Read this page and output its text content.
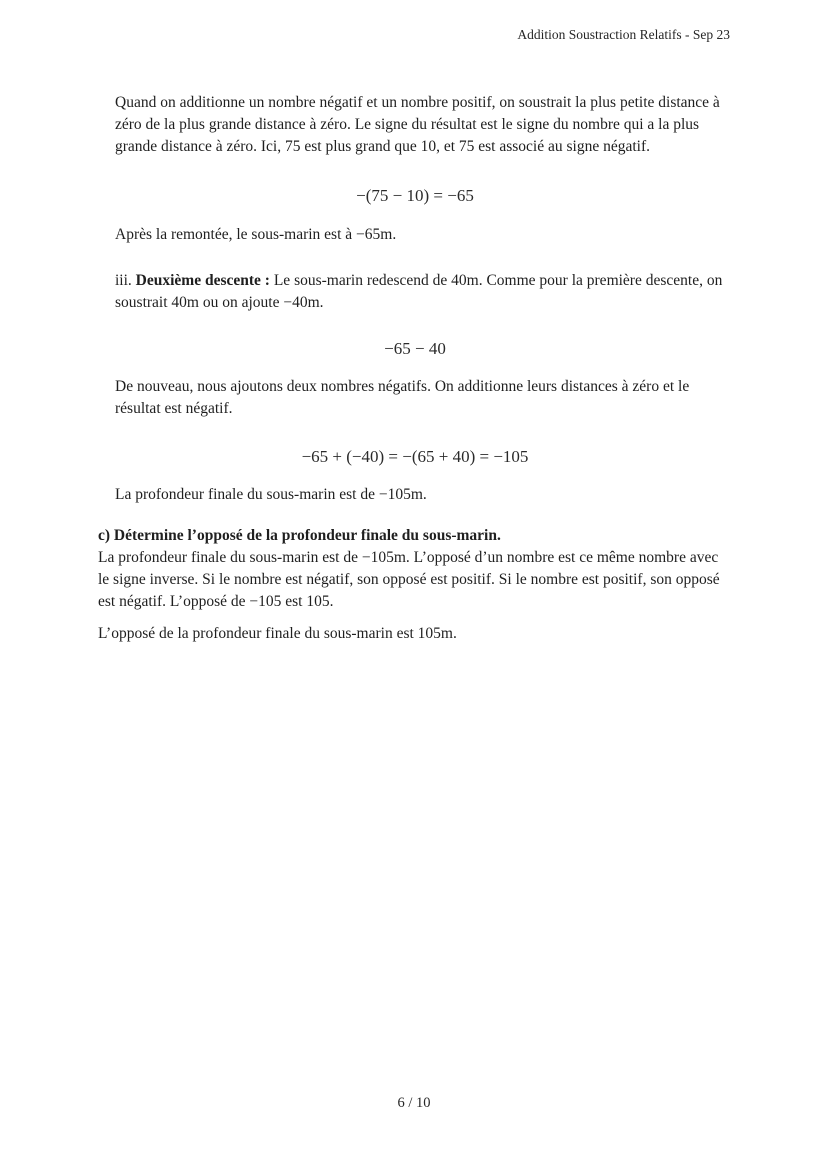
Addition Soustraction Relatifs - Sep 23

Quand on additionne un nombre négatif et un nombre positif, on soustrait la plus petite distance à zéro de la plus grande distance à zéro. Le signe du résultat est le signe du nombre qui a la plus grande distance à zéro. Ici, 75 est plus grand que 10, et 75 est associé au signe négatif.

−(75 − 10) = −65

Après la remontée, le sous-marin est à −65m.

iii. Deuxième descente : Le sous-marin redescend de 40m. Comme pour la première descente, on soustrait 40m ou on ajoute −40m.

−65 − 40

De nouveau, nous ajoutons deux nombres négatifs. On additionne leurs distances à zéro et le résultat est négatif.

−65 + (−40) = −(65 + 40) = −105

La profondeur finale du sous-marin est de −105m.

c) Détermine l’opposé de la profondeur finale du sous-marin.

La profondeur finale du sous-marin est de −105m. L’opposé d’un nombre est ce même nombre avec le signe inverse. Si le nombre est négatif, son opposé est positif. Si le nombre est positif, son opposé est négatif. L’opposé de −105 est 105.

L’opposé de la profondeur finale du sous-marin est 105m.

6 / 10
